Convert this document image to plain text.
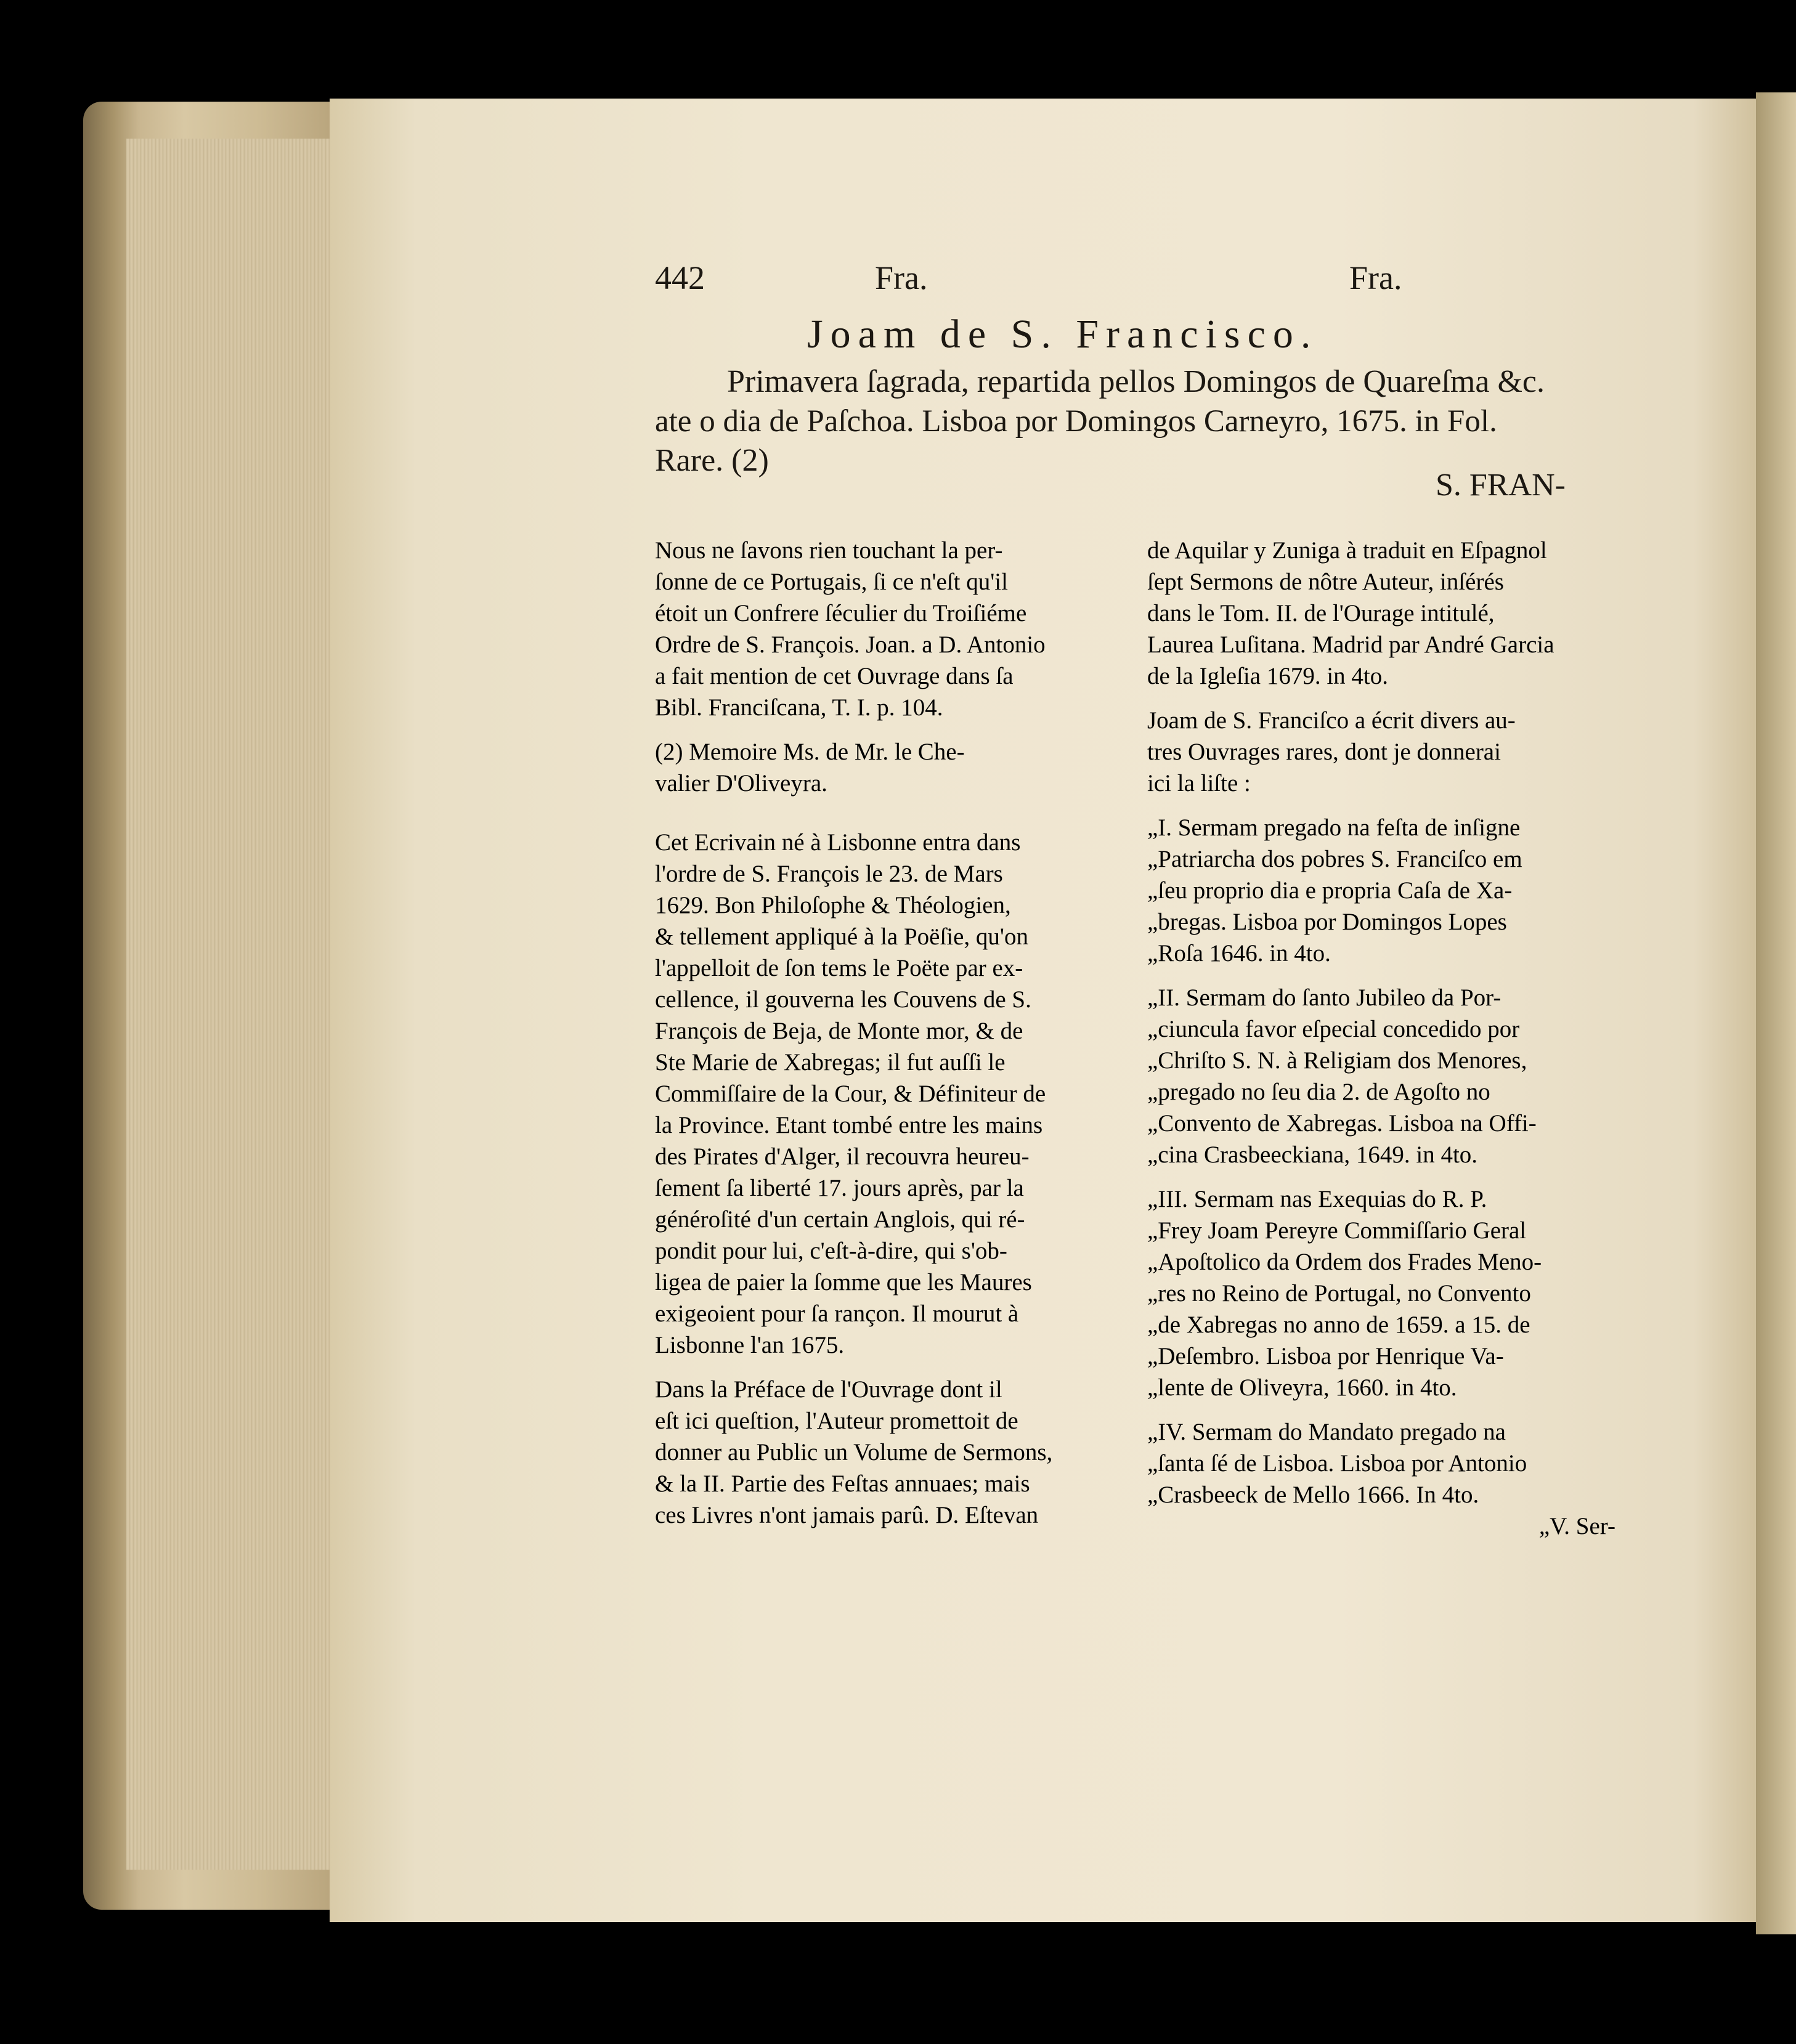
442	Fra.	Fra.
Joam de S. Francisco.
Primavera ſagrada, repartida pellos Domingos de Quareſma &c.
ate o dia de Paſchoa. Lisboa por Domingos Carneyro, 1675. in Fol.
Rare. (2)
S. FRAN-

Nous ne ſavons rien touchant la per-

ſonne de ce Portugais, ſi ce n'eſt qu'il

étoit un Confrere ſéculier du Troiſiéme

Ordre de S. François. Joan. a D. Antonio

a fait mention de cet Ouvrage dans ſa

Bibl. Franciſcana, T. I. p. 104.

(2) Memoire Ms. de Mr. le Che-

valier D'Oliveyra.

Cet Ecrivain né à Lisbonne entra dans

l'ordre de S. François le 23. de Mars

1629. Bon Philoſophe & Théologien,

& tellement appliqué à la Poëſie, qu'on

l'appelloit de ſon tems le Poëte par ex-

cellence, il gouverna les Couvens de S.

François de Beja, de Monte mor, & de

Ste Marie de Xabregas; il fut auſſi le

Commiſſaire de la Cour, & Définiteur de

la Province. Etant tombé entre les mains

des Pirates d'Alger, il recouvra heureu-

ſement ſa liberté 17. jours après, par la

généroſité d'un certain Anglois, qui ré-

pondit pour lui, c'eſt-à-dire, qui s'ob-

ligea de paier la ſomme que les Maures

exigeoient pour ſa rançon. Il mourut à

Lisbonne l'an 1675.

Dans la Préface de l'Ouvrage dont il

eſt ici queſtion, l'Auteur promettoit de

donner au Public un Volume de Sermons,

& la II. Partie des Feſtas annuaes; mais

ces Livres n'ont jamais parû. D. Eſtevan

de Aquilar y Zuniga à traduit en Eſpagnol

ſept Sermons de nôtre Auteur, inſérés

dans le Tom. II. de l'Ourage intitulé,

Laurea Luſitana. Madrid par André Garcia

de la Igleſia 1679. in 4to.

Joam de S. Franciſco a écrit divers au-

tres Ouvrages rares, dont je donnerai

ici la liſte :

„I. Sermam pregado na feſta de inſigne

„Patriarcha dos pobres S. Franciſco em

„ſeu proprio dia e propria Caſa de Xa-

„bregas. Lisboa por Domingos Lopes

„Roſa 1646. in 4to.

„II. Sermam do ſanto Jubileo da Por-

„ciuncula favor eſpecial concedido por

„Chriſto S. N. à Religiam dos Menores,

„pregado no ſeu dia 2. de Agoſto no

„Convento de Xabregas. Lisboa na Offi-

„cina Crasbeeckiana, 1649. in 4to.

„III. Sermam nas Exequias do R. P.

„Frey Joam Pereyre Commiſſario Geral

„Apoſtolico da Ordem dos Frades Meno-

„res no Reino de Portugal, no Convento

„de Xabregas no anno de 1659. a 15. de

„Deſembro. Lisboa por Henrique Va-

„lente de Oliveyra, 1660. in 4to.

„IV. Sermam do Mandato pregado na

„ſanta ſé de Lisboa. Lisboa por Antonio

„Crasbeeck de Mello 1666. In 4to.

„V. Ser-
